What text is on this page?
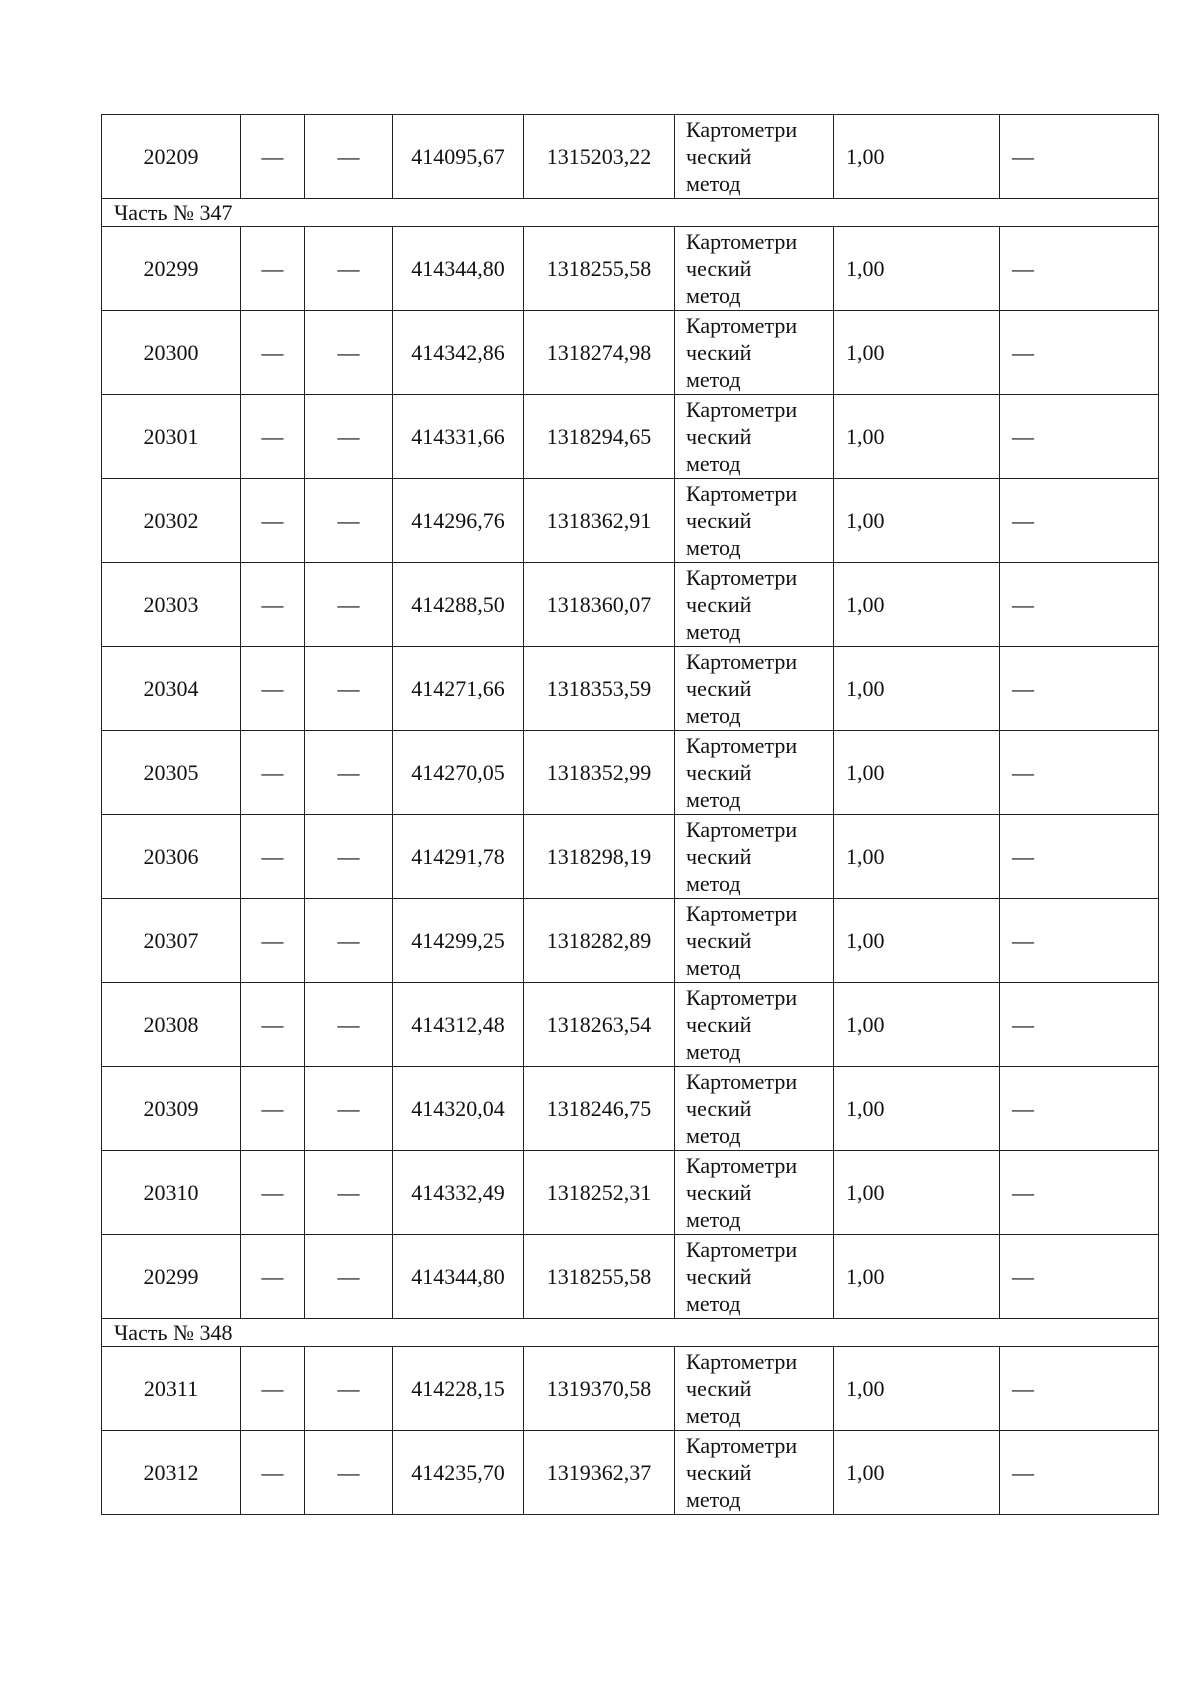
20209	—	—	414095,67	1315203,22	Картометри
ческий
метод	1,00	—
Часть № 347							
20299	—	—	414344,80	1318255,58	Картометри
ческий
метод	1,00	—
20300	—	—	414342,86	1318274,98	Картометри
ческий
метод	1,00	—
20301	—	—	414331,66	1318294,65	Картометри
ческий
метод	1,00	—
20302	—	—	414296,76	1318362,91	Картометри
ческий
метод	1,00	—
20303	—	—	414288,50	1318360,07	Картометри
ческий
метод	1,00	—
20304	—	—	414271,66	1318353,59	Картометри
ческий
метод	1,00	—
20305	—	—	414270,05	1318352,99	Картометри
ческий
метод	1,00	—
20306	—	—	414291,78	1318298,19	Картометри
ческий
метод	1,00	—
20307	—	—	414299,25	1318282,89	Картометри
ческий
метод	1,00	—
20308	—	—	414312,48	1318263,54	Картометри
ческий
метод	1,00	—
20309	—	—	414320,04	1318246,75	Картометри
ческий
метод	1,00	—
20310	—	—	414332,49	1318252,31	Картометри
ческий
метод	1,00	—
20299	—	—	414344,80	1318255,58	Картометри
ческий
метод	1,00	—
Часть № 348							
20311	—	—	414228,15	1319370,58	Картометри
ческий
метод	1,00	—
20312	—	—	414235,70	1319362,37	Картометри
ческий
метод	1,00	—
